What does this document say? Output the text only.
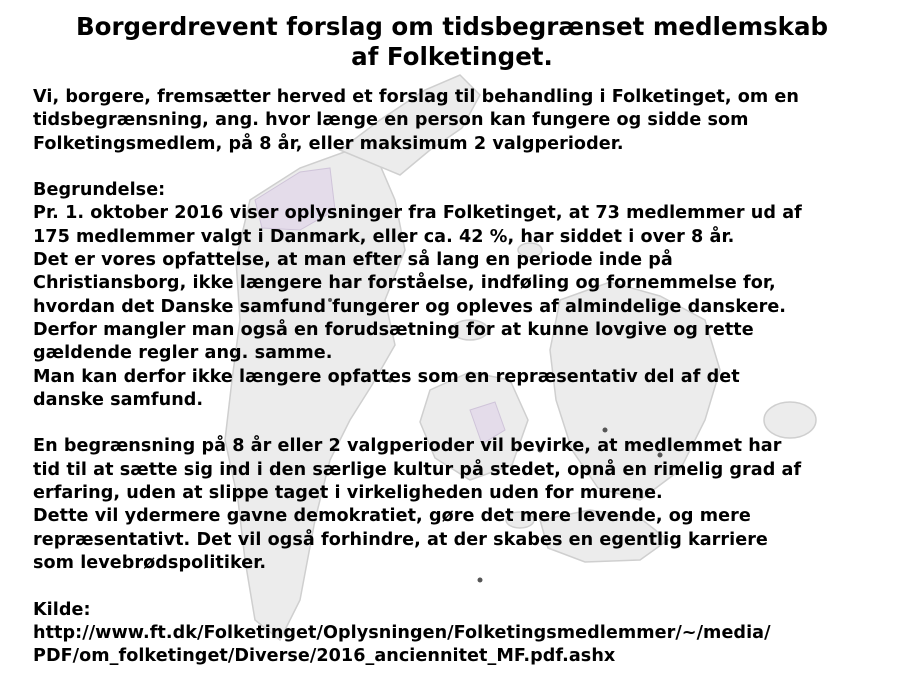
Borgerdrevent forslag om tidsbegrænset medlemskab
af Folketinget.
Vi, borgere, fremsætter herved et forslag til behandling i Folketinget, om en
tidsbegrænsning, ang. hvor længe en person kan fungere og sidde som
Folketingsmedlem, på 8 år, eller maksimum 2 valgperioder.
Begrundelse:
Pr. 1. oktober 2016 viser oplysninger fra Folketinget, at 73 medlemmer ud af
175 medlemmer valgt i Danmark, eller ca. 42 %, har siddet i over 8 år.
Det er vores opfattelse, at man efter så lang en periode inde på
Christiansborg, ikke længere har forståelse, indføling og fornemmelse for,
hvordan det Danske samfund fungerer og opleves af almindelige danskere.
Derfor mangler man også en forudsætning for at kunne lovgive og rette
gældende regler ang. samme.
Man kan derfor ikke længere opfattes som en repræsentativ del af det
danske samfund.
En begrænsning på 8 år eller 2 valgperioder vil bevirke, at medlemmet har
tid til at sætte sig ind i den særlige kultur på stedet, opnå en rimelig grad af
erfaring, uden at slippe taget i virkeligheden uden for murene.
Dette vil ydermere gavne demokratiet, gøre det mere levende, og mere
repræsentativt. Det vil også forhindre, at der skabes en egentlig karriere
som levebrødspolitiker.
Kilde:
http://www.ft.dk/Folketinget/Oplysningen/Folketingsmedlemmer/~/media/
PDF/om_folketinget/Diverse/2016_anciennitet_MF.pdf.ashx
